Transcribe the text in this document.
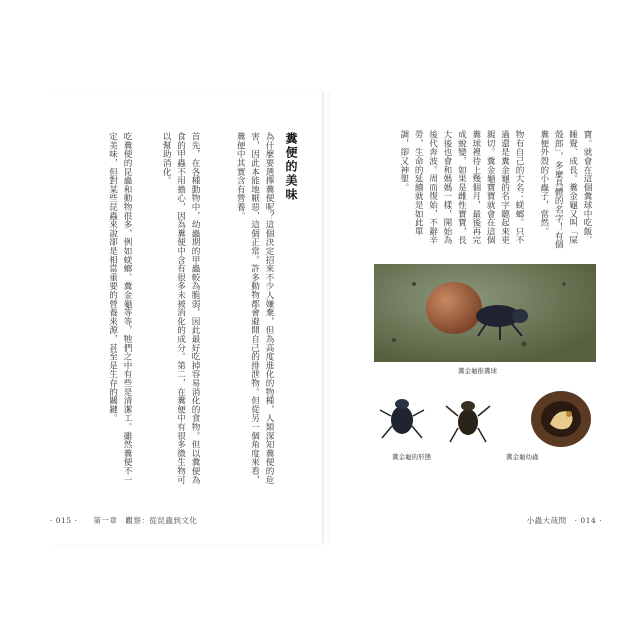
糞便的美味
為什麼要選擇糞便呢？這個決定招來不少人嫌棄，但為高度進化的物種，人類深知糞便的危害，因此本能地厭惡，這個正常。許多動物都會避開自己的排泄物。但從另一個角度來看，糞便中其實含有營養。
首先，在各種動物中，幼蟲期的甲蟲較為脆弱，因此最好吃掉容易消化的食物。但以糞便為食的甲蟲不用擔心，因為糞便中含有很多未被消化的成分。第二，在糞便中有很多微生物可以幫助消化。
吃糞便的昆蟲和動物很多，例如蜣螂、糞金龜等等，牠們之中有些是清潔工。雖然糞便不一定美味，但對某些昆蟲來說卻是相當重要的營養來源，甚至是生存的關鍵。
· 015 ·　　第一章　觀察：從昆蟲到文化
寶。就會在這個糞球中吃飯、睡覺、成長。糞金龜又叫「屎殼郎」，多麼具體的名字！有個糞便外殼的小蟲子，當然。
物有自己的大名：蜣螂。只不過還是糞金龜的名字聽起來更親切。糞金龜寶寶就會在這個糞球裡待上幾個月，最後再完成蛻變，如果是雌性寶寶，長大後也會和媽媽一樣，開始為後代奔波。周而復始，不辭辛勞，生命的延續就是如此單調，卻又神聖。
糞金龜推糞球
糞金龜的形態	糞金龜幼蟲
小蟲大哉問　· 014 ·
